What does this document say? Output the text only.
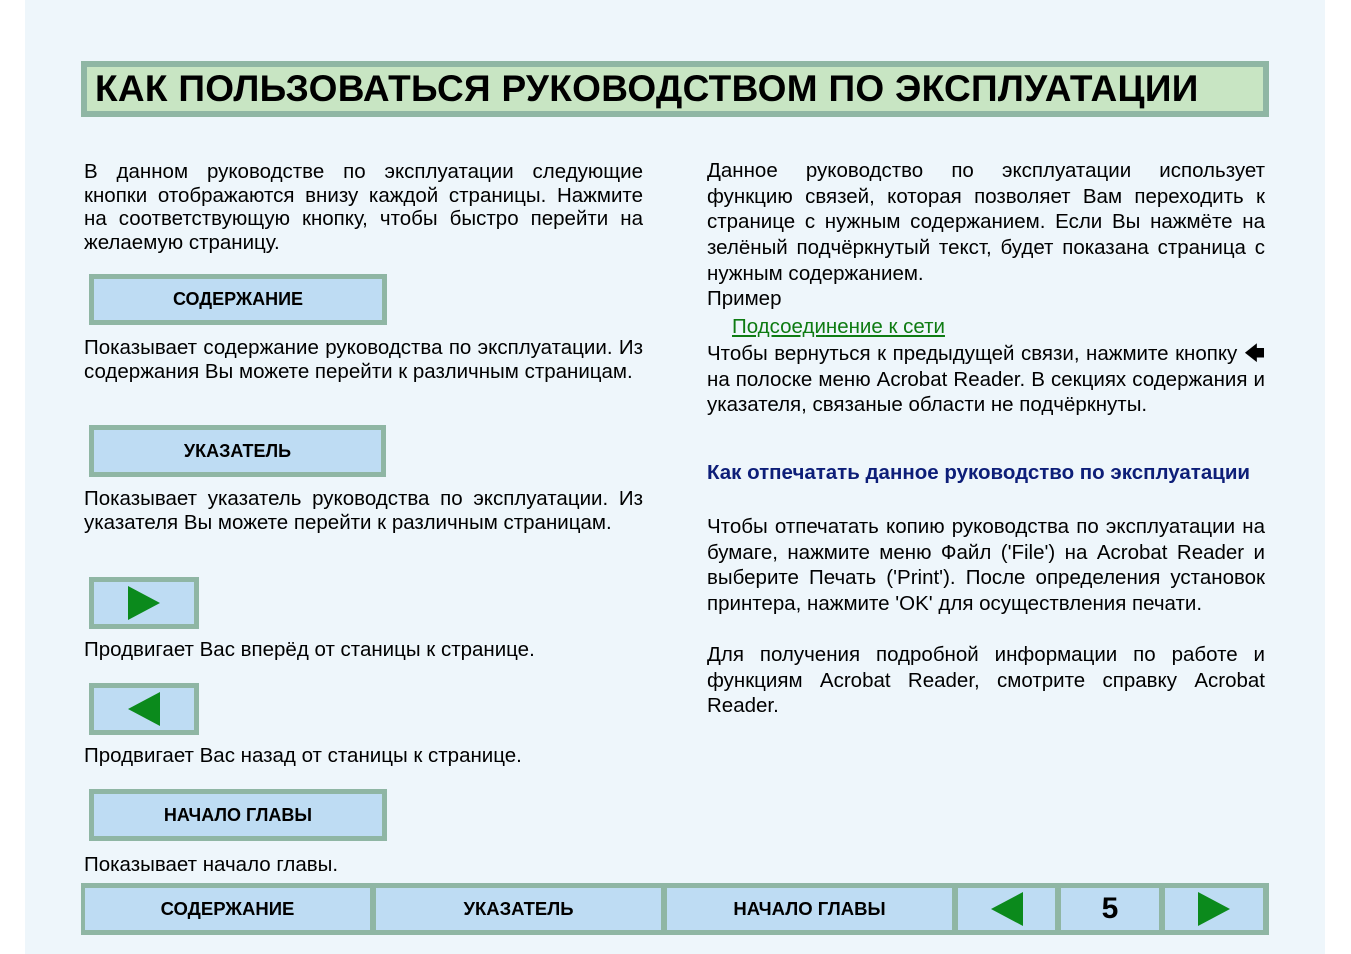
КАК ПОЛЬЗОВАТЬСЯ РУКОВОДСТВОМ ПО ЭКСПЛУАТАЦИИ
В данном руководстве по эксплуатации следующие кнопки отображаются внизу каждой страницы. Нажмите на соответствующую кнопку, чтобы быстро перейти на желаемую страницу.
СОДЕРЖАНИЕ
Показывает содержание руководства по эксплуатации. Из содержания Вы можете перейти к различным страницам.
УКАЗАТЕЛЬ
Показывает указатель руководства по эксплуатации. Из указателя Вы можете перейти к различным страницам.
Продвигает Вас вперёд от станицы к странице.
Продвигает Вас назад от станицы к странице.
НАЧАЛО ГЛАВЫ
Показывает начало главы.
Данное руководство по эксплуатации использует функцию связей, которая позволяет Вам переходить к странице с нужным содержанием. Если Вы нажмёте на зелёный подчёркнутый текст, будет показана страница с нужным содержанием.
Пример
Подсоединение к сети
Чтобы вернуться к предыдущей связи, нажмите кнопку 🡄 на полоске меню Acrobat Reader. В секциях содержания и указателя, связаные области не подчёркнуты.
Как отпечатать данное руководство по эксплуатации
Чтобы отпечатать копию руководства по эксплуатации на бумаге, нажмите меню Файл ('File') на Acrobat Reader и выберите Печать ('Print'). После определения установок принтера, нажмите 'OK' для осуществления печати.
Для получения подробной информации по работе и функциям Acrobat Reader, смотрите справку Acrobat Reader.
СОДЕРЖАНИЕ	УКАЗАТЕЛЬ	НАЧАЛО ГЛАВЫ	5
